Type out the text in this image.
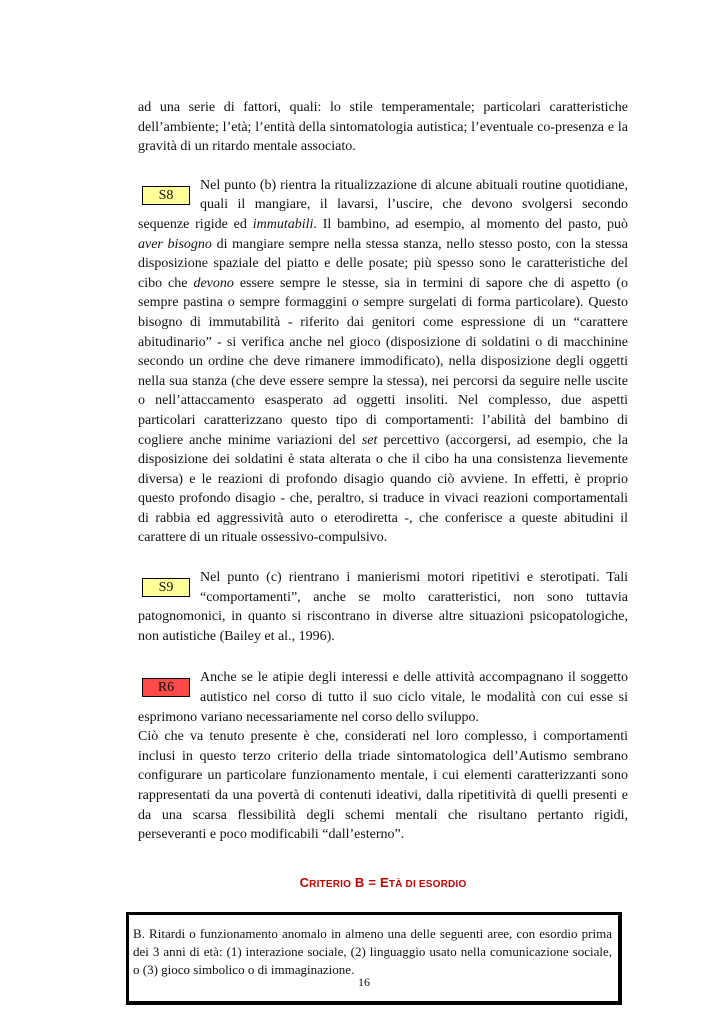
ad una serie di fattori, quali: lo stile temperamentale; particolari caratteristiche dell’ambiente; l’età; l’entità della sintomatologia autistica; l’eventuale co-presenza e la gravità di un ritardo mentale associato.

S8

Nel punto (b) rientra la ritualizzazione di alcune abituali routine quotidiane, quali il mangiare, il lavarsi, l’uscire, che devono svolgersi secondo sequenze rigide ed immutabili. Il bambino, ad esempio, al momento del pasto, può aver bisogno di mangiare sempre nella stessa stanza, nello stesso posto, con la stessa disposizione spaziale del piatto e delle posate; più spesso sono le caratteristiche del cibo che devono essere sempre le stesse, sia in termini di sapore che di aspetto (o sempre pastina o sempre formaggini o sempre surgelati di forma particolare). Questo bisogno di immutabilità - riferito dai genitori come espressione di un “carattere abitudinario” - si verifica anche nel gioco (disposizione di soldatini o di macchinine secondo un ordine che deve rimanere immodificato), nella disposizione degli oggetti nella sua stanza (che deve essere sempre la stessa), nei percorsi da seguire nelle uscite o nell’attaccamento esasperato ad oggetti insoliti. Nel complesso, due aspetti particolari caratterizzano questo tipo di comportamenti: l’abilità del bambino di cogliere anche minime variazioni del set percettivo (accorgersi, ad esempio, che la disposizione dei soldatini è stata alterata o che il cibo ha una consistenza lievemente diversa) e le reazioni di profondo disagio quando ciò avviene. In effetti, è proprio questo profondo disagio - che, peraltro, si traduce in vivaci reazioni comportamentali di rabbia ed aggressività auto o eterodiretta -, che conferisce a queste abitudini il carattere di un rituale ossessivo-compulsivo.

S9

Nel punto (c) rientrano i manierismi motori ripetitivi e sterotipati. Tali “comportamenti”, anche se molto caratteristici, non sono tuttavia patognomonici, in quanto si riscontrano in diverse altre situazioni psicopatologiche, non autistiche (Bailey et al., 1996).

R6

Anche se le atipie degli interessi e delle attività accompagnano il soggetto autistico nel corso di tutto il suo ciclo vitale, le modalità con cui esse si esprimono variano necessariamente nel corso dello sviluppo.

Ciò che va tenuto presente è che, considerati nel loro complesso, i comportamenti inclusi in questo terzo criterio della triade sintomatologica dell’Autismo sembrano configurare un particolare funzionamento mentale, i cui elementi caratterizzanti sono rappresentati da una povertà di contenuti ideativi, dalla ripetitività di quelli presenti e da una scarsa flessibilità degli schemi mentali che risultano pertanto rigidi, perseveranti e poco modificabili “dall’esterno”.

CRITERIO B = ETÀ DI ESORDIO

B. Ritardi o funzionamento anomalo in almeno una delle seguenti aree, con esordio prima dei 3 anni di età: (1) interazione sociale, (2) linguaggio usato nella comunicazione sociale, o (3) gioco simbolico o di immaginazione.

16
